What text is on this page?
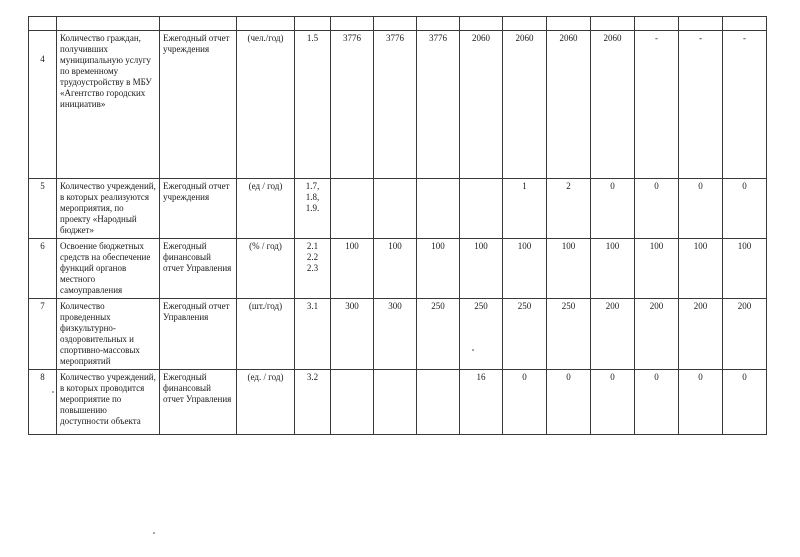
4	Количество граждан, получивших муниципальную услугу по временному трудоустройству в МБУ «Агентство городских инициатив»	Ежегодный отчет учреждения	(чел./год)	1.5	3776	3776	3776	2060	2060	2060	2060	-	-	-
5	Количество учреждений, в которых реализуются мероприятия, по проекту «Народный бюджет»	Ежегодный отчет учреждения	(ед / год)	1.7,
1.8,
1.9.					1	2	0	0	0	0
6	Освоение бюджетных средств на обеспечение функций органов местного самоуправления	Ежегодный финансовый отчет Управления	(% / год)	2.1
2.2
2.3	100	100	100	100	100	100	100	100	100	100
7	Количество проведенных физкультурно-оздоровительных и спортивно-массовых мероприятий	Ежегодный отчет Управления	(шт./год)	3.1	300	300	250	250	250	250	200	200	200	200
8	Количество учреждений, в которых проводится мероприятие по повышению доступности объекта	Ежегодный финансовый отчет Управления	(ед. / год)	3.2				16	0	0	0	0	0	0
